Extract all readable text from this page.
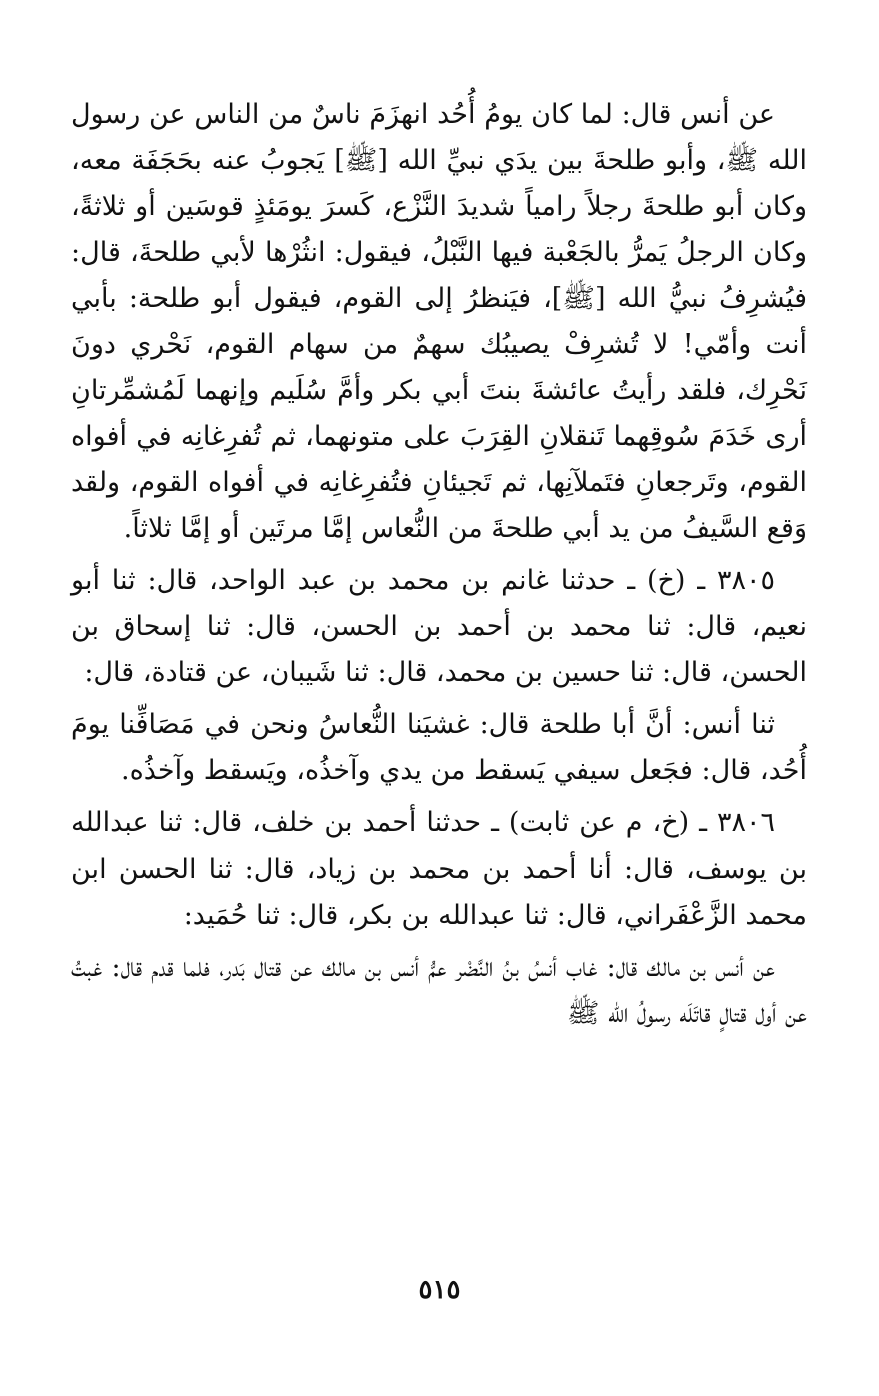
عن أنس قال: لما كان يومُ أُحُد انهزَمَ ناسٌ من الناس عن رسول الله ﷺ، وأبو طلحةَ بين يدَي نبيِّ الله [ﷺ] يَجوبُ عنه بحَجَفَة معه، وكان أبو طلحةَ رجلاً رامياً شديدَ النَّزْع، كَسرَ يومَئذٍ قوسَين أو ثلاثةً، وكان الرجلُ يَمرُّ بالجَعْبة فيها النَّبْلُ، فيقول: انثُرْها لأبي طلحةَ، قال: فيُشرِفُ نبيُّ الله [ﷺ]، فيَنظرُ إلى القوم، فيقول أبو طلحة: بأبي أنت وأمّي! لا تُشرِفْ يصيبُك سهمٌ من سهام القوم، نَحْري دونَ نَحْرِك، فلقد رأيتُ عائشةَ بنتَ أبي بكر وأمَّ سُلَيم وإنهما لَمُشمِّرتانِ أرى خَدَمَ سُوقِهما تَنقلانِ القِرَبَ على متونهما، ثم تُفرِغانِه في أفواه القوم، وتَرجعانِ فتَملآنِها، ثم تَجيئانِ فتُفرِغانِه في أفواه القوم، ولقد وَقع السَّيفُ من يد أبي طلحةَ من النُّعاس إمَّا مرتَين أو إمَّا ثلاثاً.

٣٨٠٥ ـ (خ) ـ حدثنا غانم بن محمد بن عبد الواحد، قال: ثنا أبو نعيم، قال: ثنا محمد بن أحمد بن الحسن، قال: ثنا إسحاق بن الحسن، قال: ثنا حسين بن محمد، قال: ثنا شَيبان، عن قتادة، قال:

ثنا أنس: أنَّ أبا طلحة قال: غشيَنا النُّعاسُ ونحن في مَصَافِّنا يومَ أُحُد، قال: فجَعل سيفي يَسقط من يدي وآخذُه، ويَسقط وآخذُه.

٣٨٠٦ ـ (خ، م عن ثابت) ـ حدثنا أحمد بن خلف، قال: ثنا عبدالله بن يوسف، قال: أنا أحمد بن محمد بن زياد، قال: ثنا الحسن ابن محمد الزَّعْفَراني، قال: ثنا عبدالله بن بكر، قال: ثنا حُمَيد:

عن أنس بن مالك قال: غاب أنسُ بنُ النَّضْر عمُّ أنس بن مالك عن قتال بَدر، فلما قدم قال: غبتُ عن أول قتالٍ قاتَلَه رسولُ الله ﷺ

٥١٥
